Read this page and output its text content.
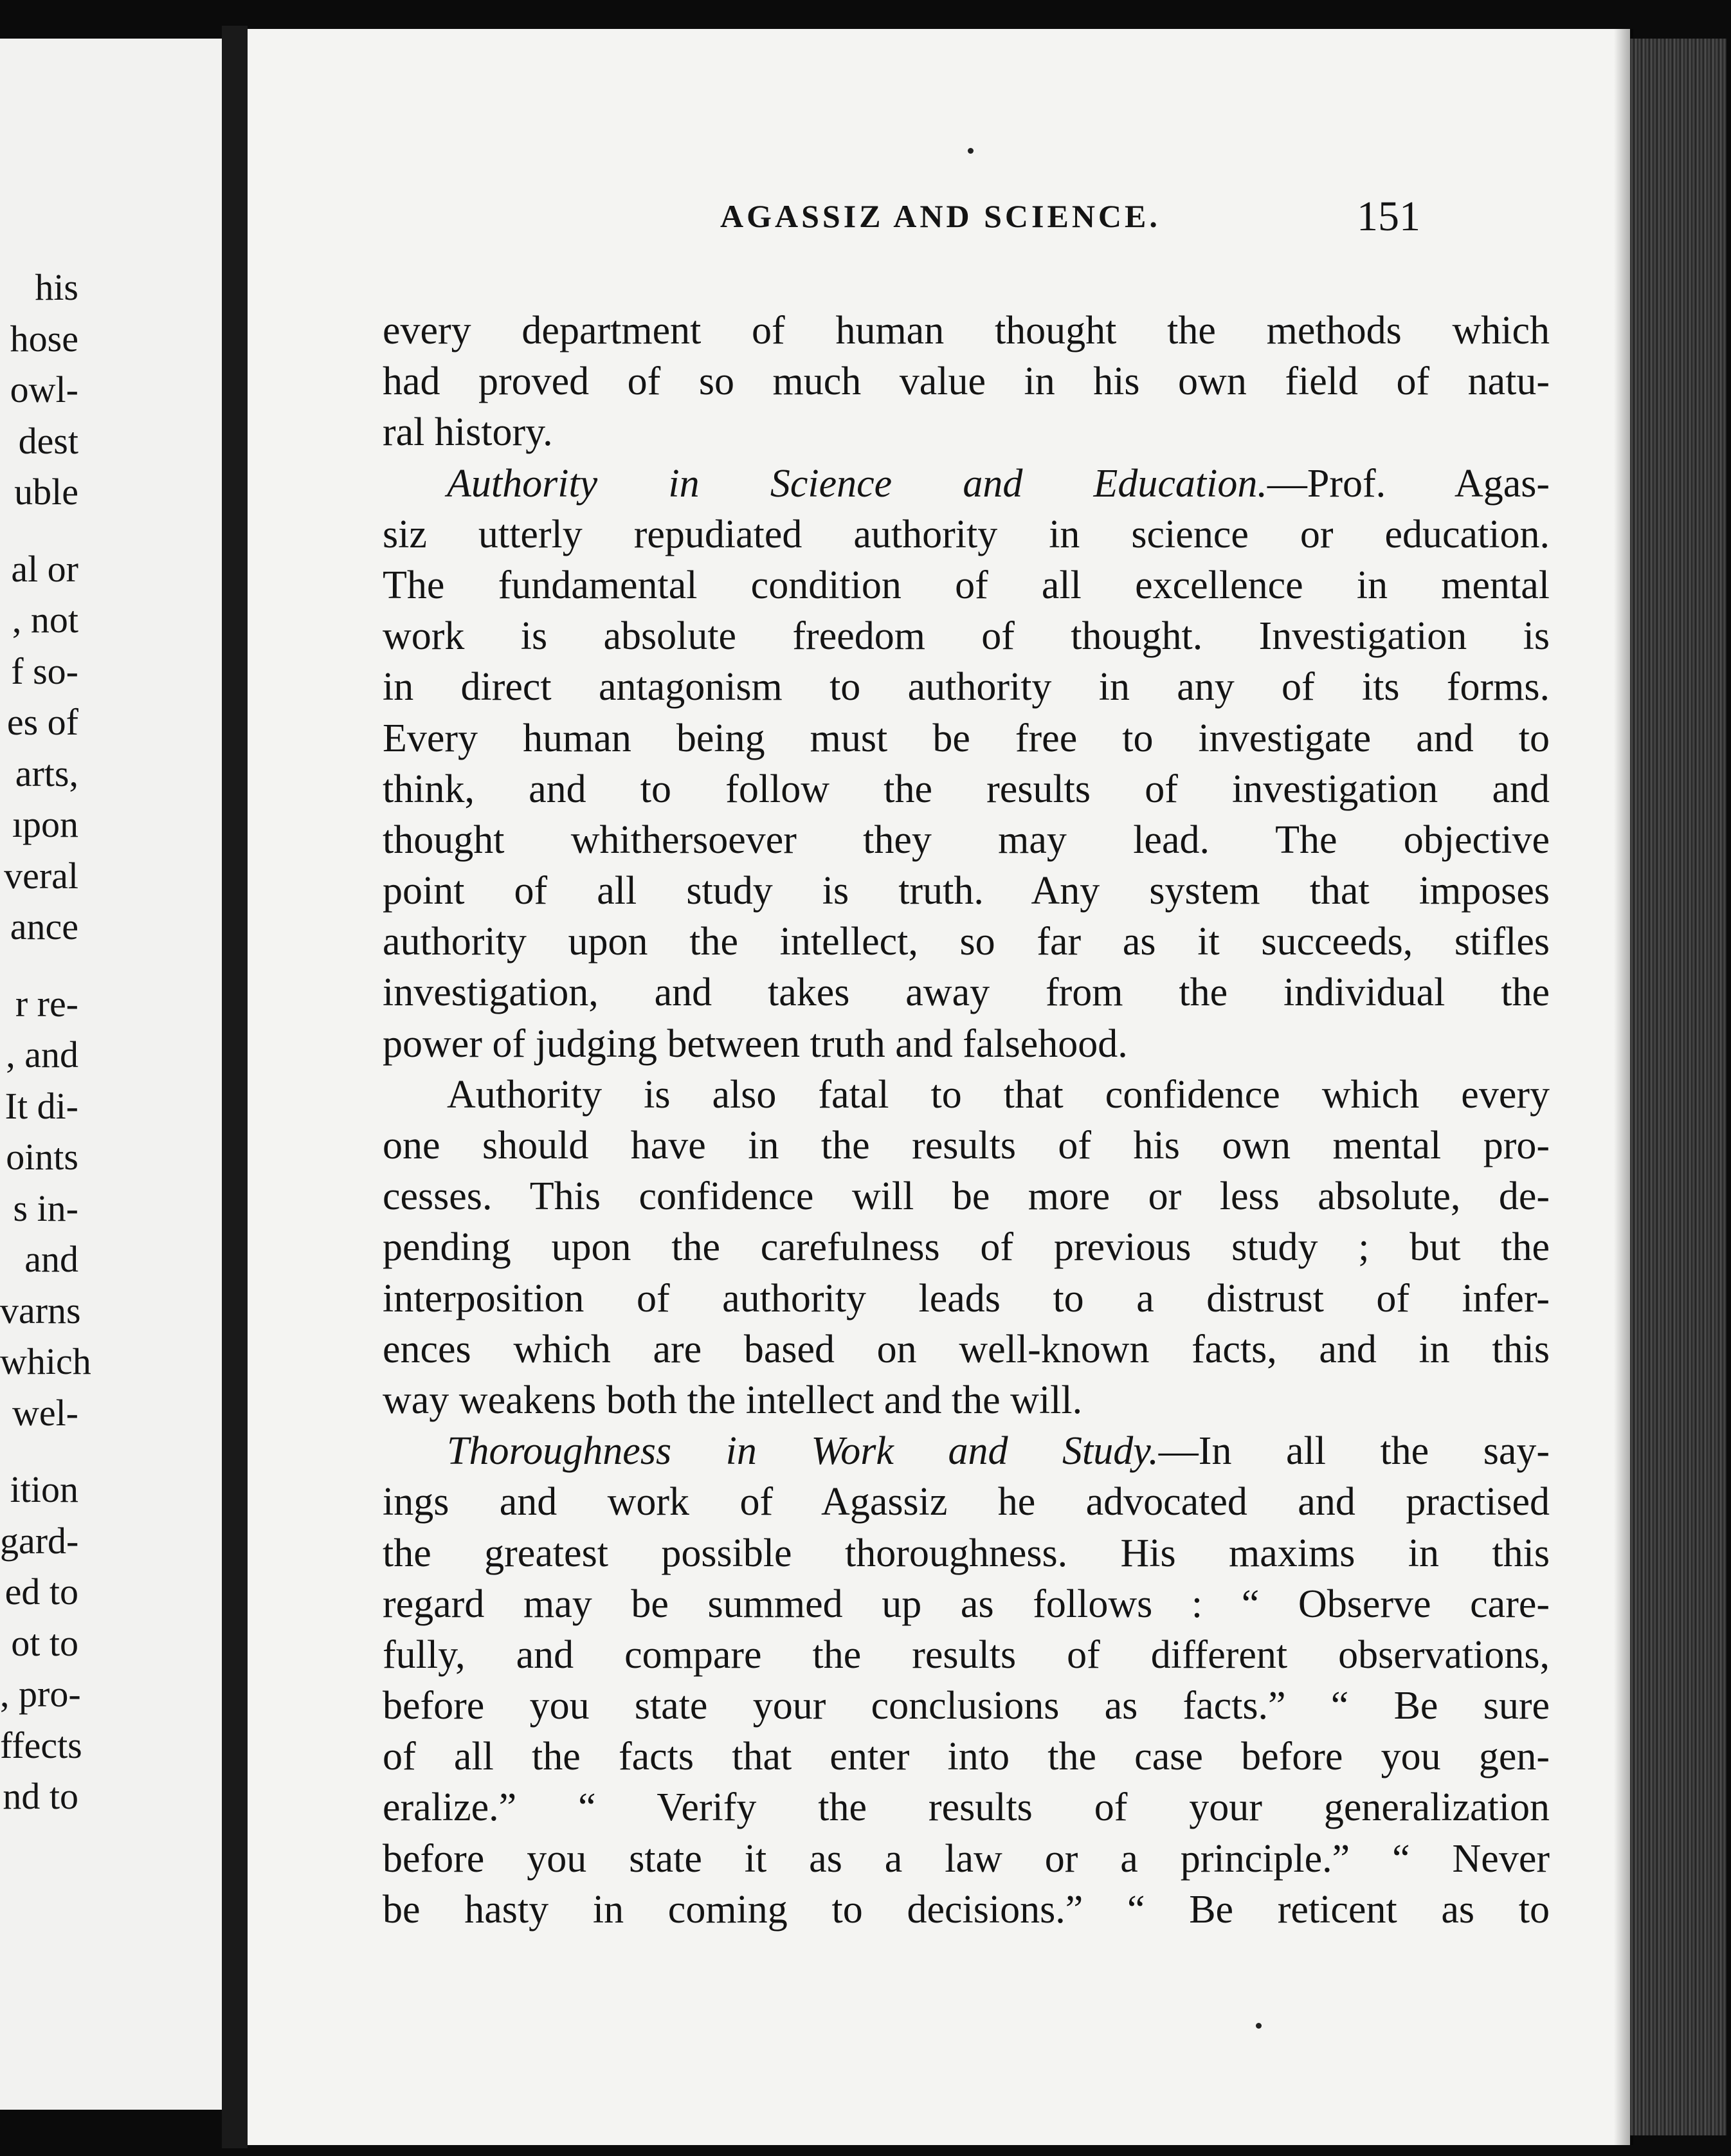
his
hose
owl-
dest
uble
al or
, not
f so-
es of
arts,
ıpon
veral
ance
r re-
, and
It di-
oints
s in-
and
varns
which
wel-
ition
gard-
ed to
ot to
, pro-
ffects
nd to
AGASSIZ AND SCIENCE.	151
every department of human thought the methods which
had proved of so much value in his own field of natu-
ral history.
Authority in Science and Education.—Prof. Agas-
siz utterly repudiated authority in science or education.
The fundamental condition of all excellence in mental
work is absolute freedom of thought. Investigation is
in direct antagonism to authority in any of its forms.
Every human being must be free to investigate and to
think, and to follow the results of investigation and
thought whithersoever they may lead. The objective
point of all study is truth. Any system that imposes
authority upon the intellect, so far as it succeeds, stifles
investigation, and takes away from the individual the
power of judging between truth and falsehood.
Authority is also fatal to that confidence which every
one should have in the results of his own mental pro-
cesses. This confidence will be more or less absolute, de-
pending upon the carefulness of previous study ; but the
interposition of authority leads to a distrust of infer-
ences which are based on well-known facts, and in this
way weakens both the intellect and the will.
Thoroughness in Work and Study.—In all the say-
ings and work of Agassiz he advocated and practised
the greatest possible thoroughness. His maxims in this
regard may be summed up as follows : “ Observe care-
fully, and compare the results of different observations,
before you state your conclusions as facts.” “ Be sure
of all the facts that enter into the case before you gen-
eralize.” “ Verify the results of your generalization
before you state it as a law or a principle.” “ Never
be hasty in coming to decisions.” “ Be reticent as to
